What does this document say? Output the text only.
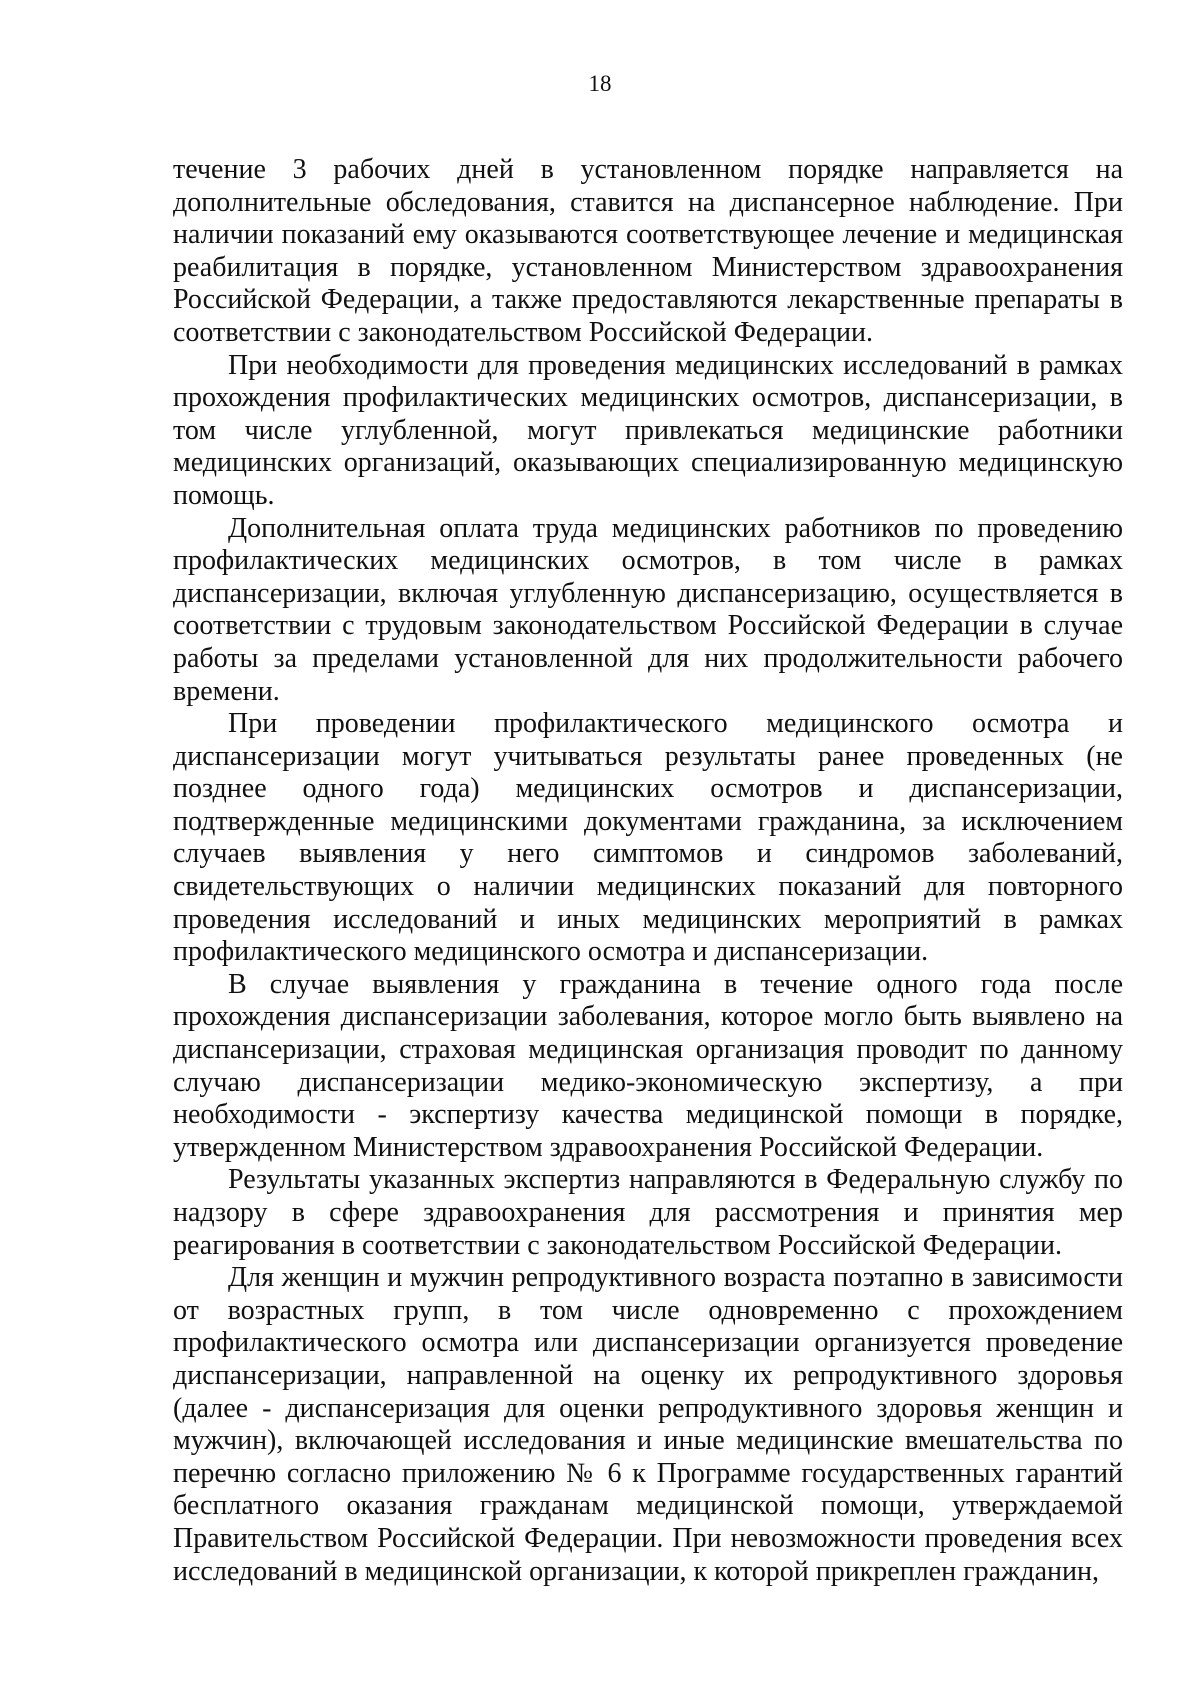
18

течение 3 рабочих дней в установленном порядке направляется на дополнительные обследования, ставится на диспансерное наблюдение. При наличии показаний ему оказываются соответствующее лечение и медицинская реабилитация в порядке, установленном Министерством здравоохранения Российской Федерации, а также предоставляются лекарственные препараты в соответствии с законодательством Российской Федерации.

При необходимости для проведения медицинских исследований в рамках прохождения профилактических медицинских осмотров, диспансеризации, в том числе углубленной, могут привлекаться медицинские работники медицинских организаций, оказывающих специализированную медицинскую помощь.

Дополнительная оплата труда медицинских работников по проведению профилактических медицинских осмотров, в том числе в рамках диспансеризации, включая углубленную диспансеризацию, осуществляется в соответствии с трудовым законодательством Российской Федерации в случае работы за пределами установленной для них продолжительности рабочего времени.

При проведении профилактического медицинского осмотра и диспансеризации могут учитываться результаты ранее проведенных (не позднее одного года) медицинских осмотров и диспансеризации, подтвержденные медицинскими документами гражданина, за исключением случаев выявления у него симптомов и синдромов заболеваний, свидетельствующих о наличии медицинских показаний для повторного проведения исследований и иных медицинских мероприятий в рамках профилактического медицинского осмотра и диспансеризации.

В случае выявления у гражданина в течение одного года после прохождения диспансеризации заболевания, которое могло быть выявлено на диспансеризации, страховая медицинская организация проводит по данному случаю диспансеризации медико-экономическую экспертизу, а при необходимости - экспертизу качества медицинской помощи в порядке, утвержденном Министерством здравоохранения Российской Федерации.

Результаты указанных экспертиз направляются в Федеральную службу по надзору в сфере здравоохранения для рассмотрения и принятия мер реагирования в соответствии с законодательством Российской Федерации.

Для женщин и мужчин репродуктивного возраста поэтапно в зависимости от возрастных групп, в том числе одновременно с прохождением профилактического осмотра или диспансеризации организуется проведение диспансеризации, направленной на оценку их репродуктивного здоровья (далее - диспансеризация для оценки репродуктивного здоровья женщин и мужчин), включающей исследования и иные медицинские вмешательства по перечню согласно приложению № 6 к Программе государственных гарантий бесплатного оказания гражданам медицинской помощи, утверждаемой Правительством Российской Федерации. При невозможности проведения всех исследований в медицинской организации, к которой прикреплен гражданин,
